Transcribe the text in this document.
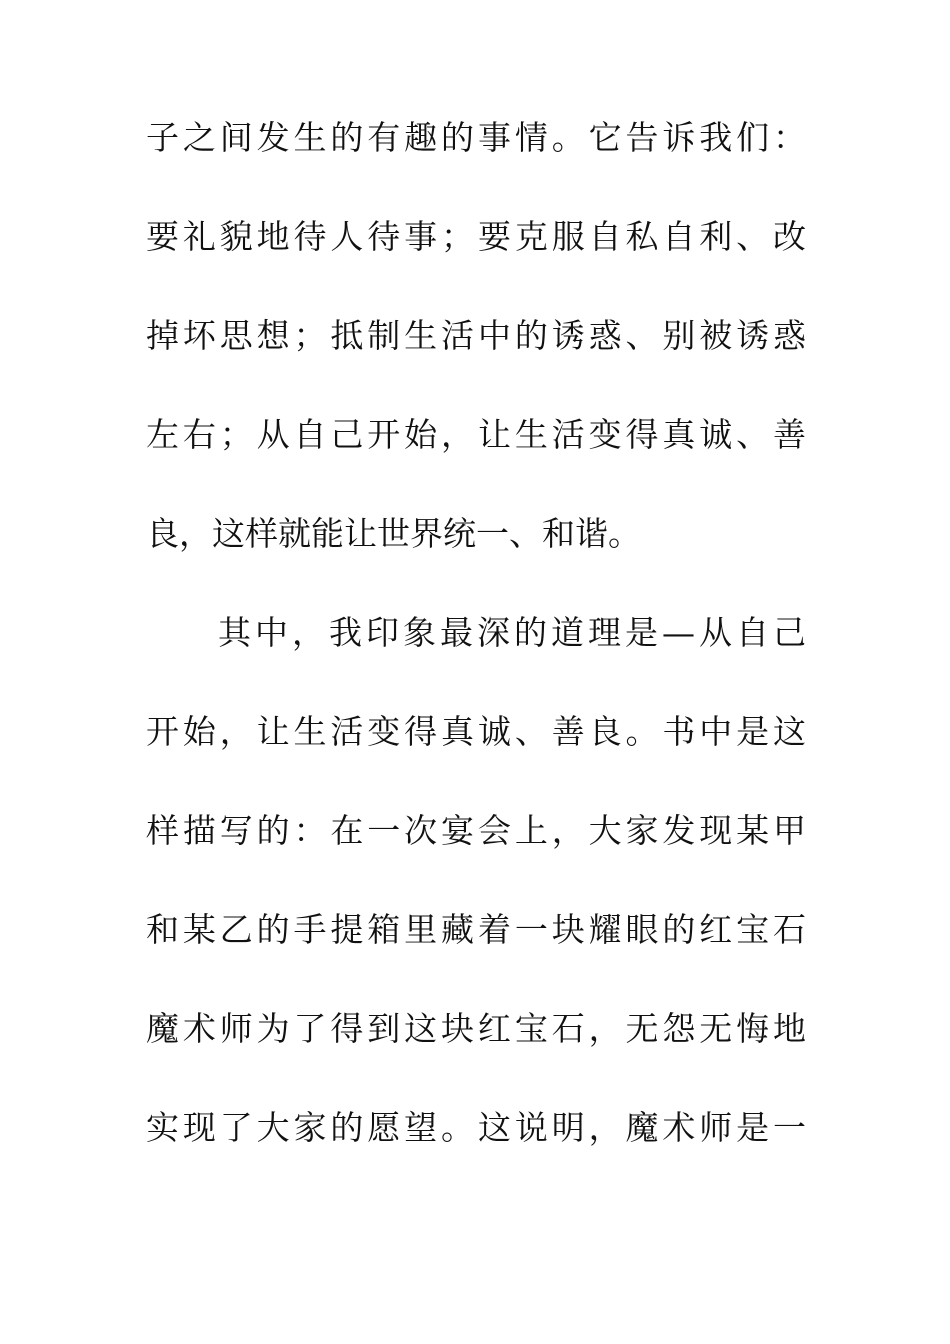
子之间发生的有趣的事情。它告诉我们：
要礼貌地待人待事；要克服自私自利、改
掉坏思想；抵制生活中的诱惑、别被诱惑
左右；从自己开始，让生活变得真诚、善
良，这样就能让世界统一、和谐。
其中，我印象最深的道理是—从自己
开始，让生活变得真诚、善良。书中是这
样描写的：在一次宴会上，大家发现某甲
和某乙的手提箱里藏着一块耀眼的红宝石
魔术师为了得到这块红宝石，无怨无悔地
实现了大家的愿望。这说明，魔术师是一
